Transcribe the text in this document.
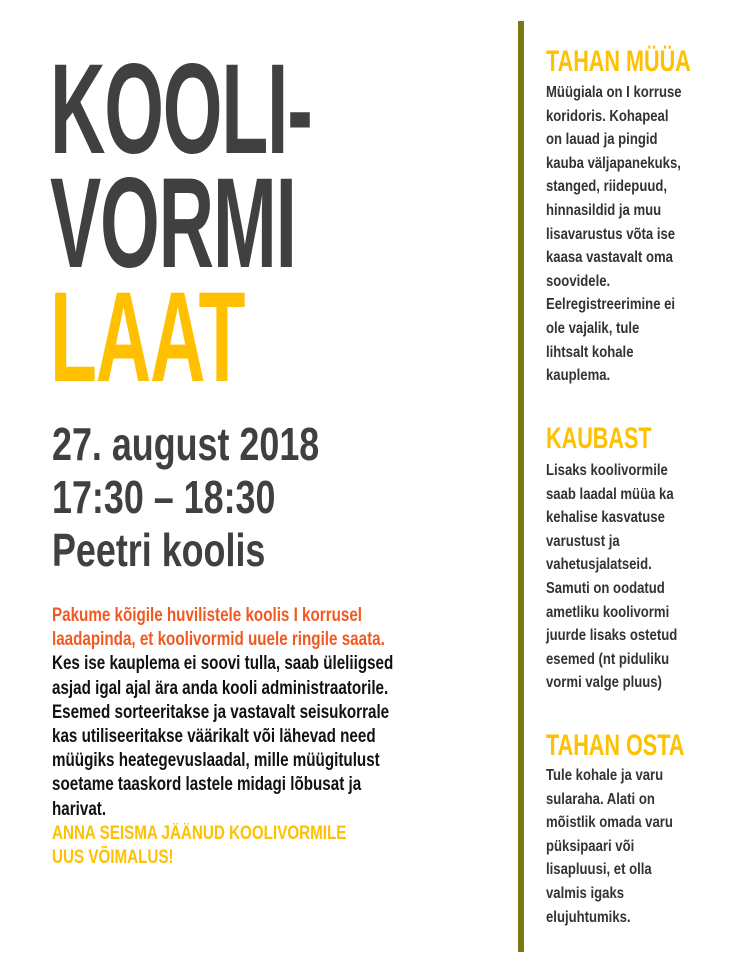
KOOLI-
VORMI
LAAT
27. august 2018
17:30 – 18:30
Peetri koolis
Pakume kõigile huvilistele koolis I korrusel
laadapinda, et koolivormid uuele ringile saata.
Kes ise kauplema ei soovi tulla, saab üleliigsed
asjad igal ajal ära anda kooli administraatorile.
Esemed sorteeritakse ja vastavalt seisukorrale
kas utiliseeritakse väärikalt või lähevad need
müügiks heategevuslaadal, mille müügitulust
soetame taaskord lastele midagi lõbusat ja
harivat.
ANNA SEISMA JÄÄNUD KOOLIVORMILE
UUS VÕIMALUS!
TAHAN MÜÜA
Müügiala on I korruse
koridoris. Kohapeal
on lauad ja pingid
kauba väljapanekuks,
stanged, riidepuud,
hinnasildid ja muu
lisavarustus võta ise
kaasa vastavalt oma
soovidele.
Eelregistreerimine ei
ole vajalik, tule
lihtsalt kohale
kauplema.
KAUBAST
Lisaks koolivormile
saab laadal müüa ka
kehalise kasvatuse
varustust ja
vahetusjalatseid.
Samuti on oodatud
ametliku koolivormi
juurde lisaks ostetud
esemed (nt piduliku
vormi valge pluus)
TAHAN OSTA
Tule kohale ja varu
sularaha. Alati on
mõistlik omada varu
püksipaari või
lisapluusi, et olla
valmis igaks
elujuhtumiks.
